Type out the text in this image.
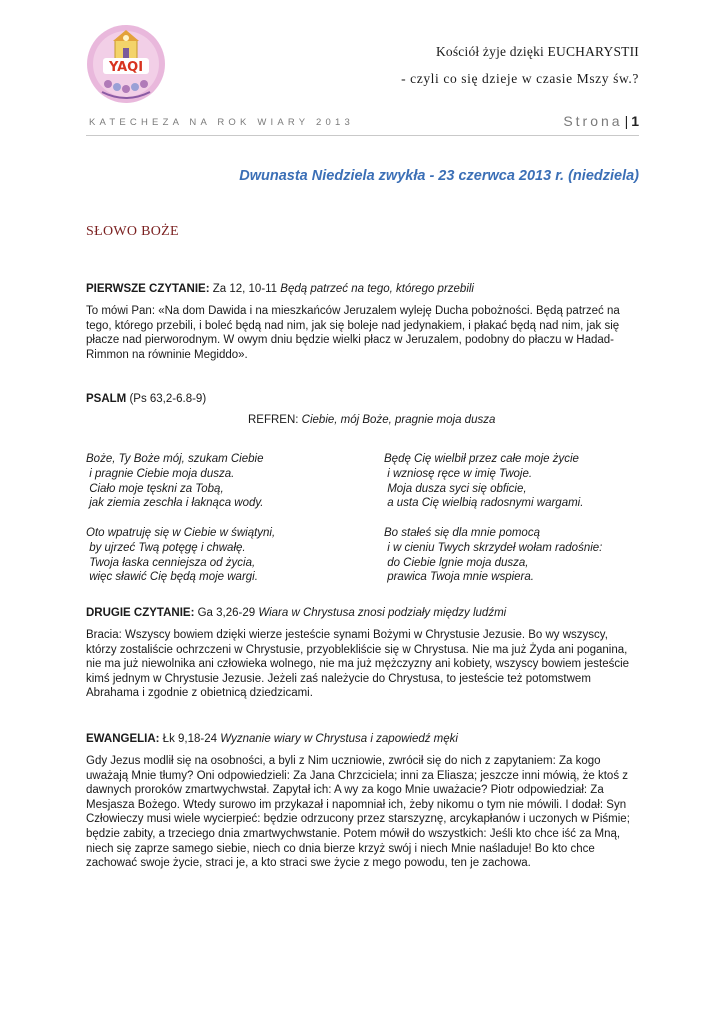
YAQI
Kościół żyje dzięki EUCHARYSTII
- czyli co się dzieje w czasie Mszy św.?
KATECHEZA NA ROK WIARY 2013	Strona | 1
Dwunasta Niedziela zwykła - 23 czerwca 2013 r. (niedziela)
SŁOWO BOŻE

PIERWSZE CZYTANIE: Za 12, 10-11 Będą patrzeć na tego, którego przebili

To mówi Pan: «Na dom Dawida i na mieszkańców Jeruzalem wyleję Ducha pobożności. Będą patrzeć na tego, którego przebili, i boleć będą nad nim, jak się boleje nad jedynakiem, i płakać będą nad nim, jak się płacze nad pierworodnym. W owym dniu będzie wielki płacz w Jeruzalem, podobny do płaczu w Hadad-Rimmon na równinie Megiddo».

PSALM (Ps 63,2-6.8-9)

REFREN: Ciebie, mój Boże, pragnie moja dusza
Boże, Ty Boże mój, szukam Ciebie
i pragnie Ciebie moja dusza.
Ciało moje tęskni za Tobą,
jak ziemia zeschła i łaknąca wody.

Oto wpatruję się w Ciebie w świątyni,
by ujrzeć Twą potęgę i chwałę.
Twoja łaska cenniejsza od życia,
więc sławić Cię będą moje wargi.
Będę Cię wielbił przez całe moje życie
i wzniosę ręce w imię Twoje.
Moja dusza syci się obficie,
a usta Cię wielbią radosnymi wargami.

Bo stałeś się dla mnie pomocą
i w cieniu Twych skrzydeł wołam radośnie:
do Ciebie lgnie moja dusza,
prawica Twoja mnie wspiera.

DRUGIE CZYTANIE: Ga 3,26-29 Wiara w Chrystusa znosi podziały między ludźmi

Bracia: Wszyscy bowiem dzięki wierze jesteście synami Bożymi w Chrystusie Jezusie. Bo wy wszyscy, którzy zostaliście ochrzczeni w Chrystusie, przyoblekliście się w Chrystusa. Nie ma już Żyda ani poganina, nie ma już niewolnika ani człowieka wolnego, nie ma już mężczyzny ani kobiety, wszyscy bowiem jesteście kimś jednym w Chrystusie Jezusie. Jeżeli zaś należycie do Chrystusa, to jesteście też potomstwem Abrahama i zgodnie z obietnicą dziedzicami.

EWANGELIA: Łk 9,18-24 Wyznanie wiary w Chrystusa i zapowiedź męki

Gdy Jezus modlił się na osobności, a byli z Nim uczniowie, zwrócił się do nich z zapytaniem: Za kogo uważają Mnie tłumy? Oni odpowiedzieli: Za Jana Chrzciciela; inni za Eliasza; jeszcze inni mówią, że ktoś z dawnych proroków zmartwychwstał. Zapytał ich: A wy za kogo Mnie uważacie? Piotr odpowiedział: Za Mesjasza Bożego. Wtedy surowo im przykazał i napomniał ich, żeby nikomu o tym nie mówili. I dodał: Syn Człowieczy musi wiele wycierpieć: będzie odrzucony przez starszyznę, arcykapłanów i uczonych w Piśmie; będzie zabity, a trzeciego dnia zmartwychwstanie. Potem mówił do wszystkich: Jeśli kto chce iść za Mną, niech się zaprze samego siebie, niech co dnia bierze krzyż swój i niech Mnie naśladuje! Bo kto chce zachować swoje życie, straci je, a kto straci swe życie z mego powodu, ten je zachowa.
